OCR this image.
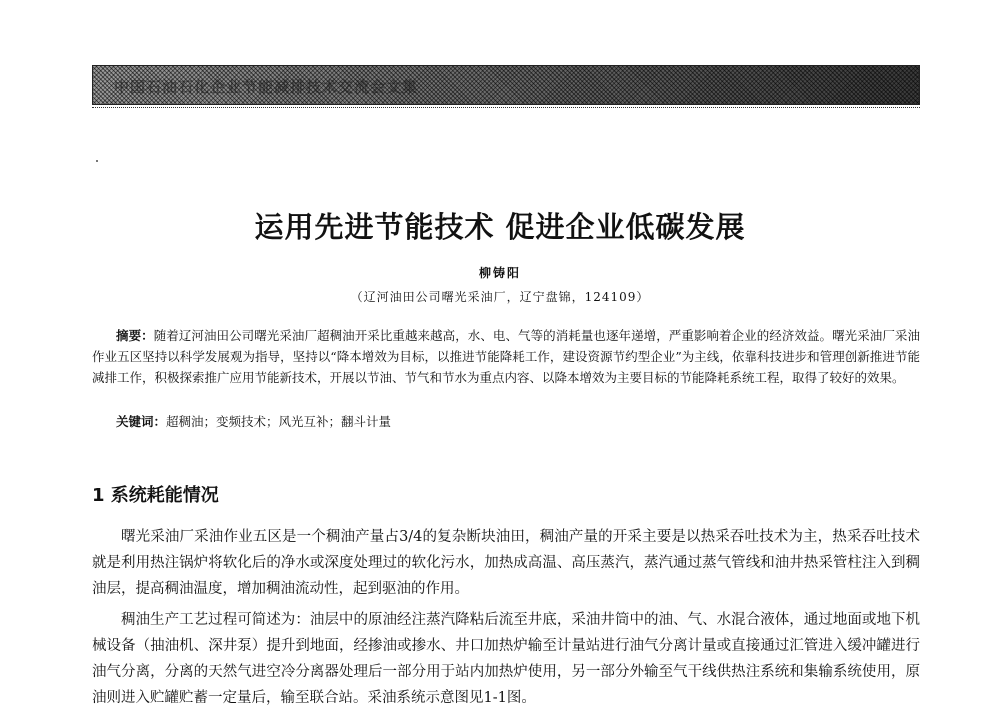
中国石油石化企业节能减排技术交流会文集
运用先进节能技术 促进企业低碳发展
柳铸阳
（辽河油田公司曙光采油厂，辽宁盘锦，124109）

摘要：随着辽河油田公司曙光采油厂超稠油开采比重越来越高，水、电、气等的消耗量也逐年递增，严重影响着企业的经济效益。曙光采油厂采油作业五区坚持以科学发展观为指导，坚持以“降本增效为目标，以推进节能降耗工作，建设资源节约型企业”为主线，依靠科技进步和管理创新推进节能减排工作，积极探索推广应用节能新技术，开展以节油、节气和节水为重点内容、以降本增效为主要目标的节能降耗系统工程，取得了较好的效果。

关键词：超稠油；变频技术；风光互补；翻斗计量
1 系统耗能情况

曙光采油厂采油作业五区是一个稠油产量占3/4的复杂断块油田，稠油产量的开采主要是以热采吞吐技术为主，热采吞吐技术就是利用热注锅炉将软化后的净水或深度处理过的软化污水，加热成高温、高压蒸汽，蒸汽通过蒸气管线和油井热采管柱注入到稠油层，提高稠油温度，增加稠油流动性，起到驱油的作用。

稠油生产工艺过程可简述为：油层中的原油经注蒸汽降粘后流至井底，采油井筒中的油、气、水混合液体，通过地面或地下机械设备（抽油机、深井泵）提升到地面，经掺油或掺水、井口加热炉输至计量站进行油气分离计量或直接通过汇管进入缓冲罐进行油气分离，分离的天然气进空冷分离器处理后一部分用于站内加热炉使用，另一部分外输至气干线供热注系统和集输系统使用，原油则进入贮罐贮蓄一定量后，输至联合站。采油系统示意图见1-1图。
